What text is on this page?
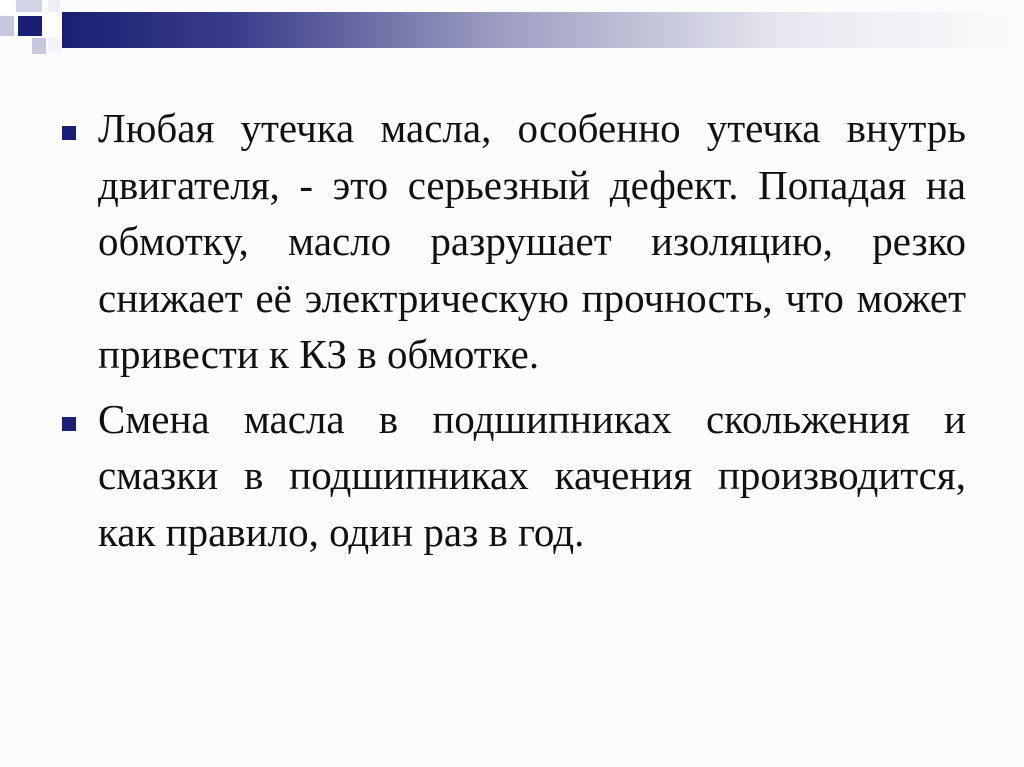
Любая утечка масла, особенно утечка внутрь двигателя, - это серьезный дефект. Попадая на обмотку, масло разрушает изоляцию, резко снижает её электрическую прочность, что может привести к КЗ в обмотке.
Смена масла в подшипниках скольжения и смазки в подшипниках качения производится, как правило, один раз в год.
